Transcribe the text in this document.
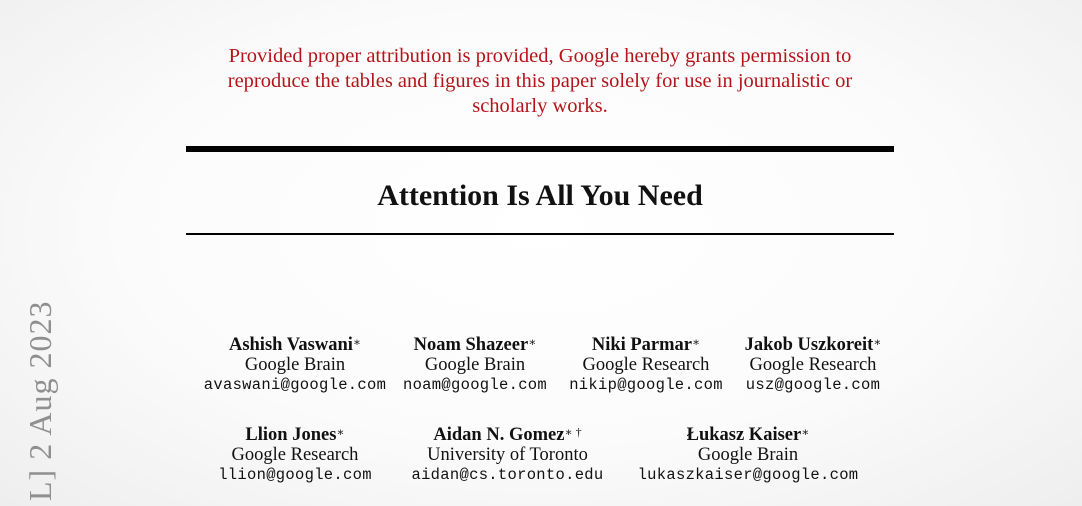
Provided proper attribution is provided, Google hereby grants permission to
reproduce the tables and figures in this paper solely for use in journalistic or
scholarly works.
Attention Is All You Need
L] 2 Aug 2023	Ashish Vaswani∗
Google Brain
avaswani@google.com
Noam Shazeer∗
Google Brain
noam@google.com
Niki Parmar∗
Google Research
nikip@google.com
Jakob Uszkoreit∗
Google Research
usz@google.com
Llion Jones∗
Google Research
llion@google.com
Aidan N. Gomez∗ †
University of Toronto
aidan@cs.toronto.edu
Łukasz Kaiser∗
Google Brain
lukaszkaiser@google.com
